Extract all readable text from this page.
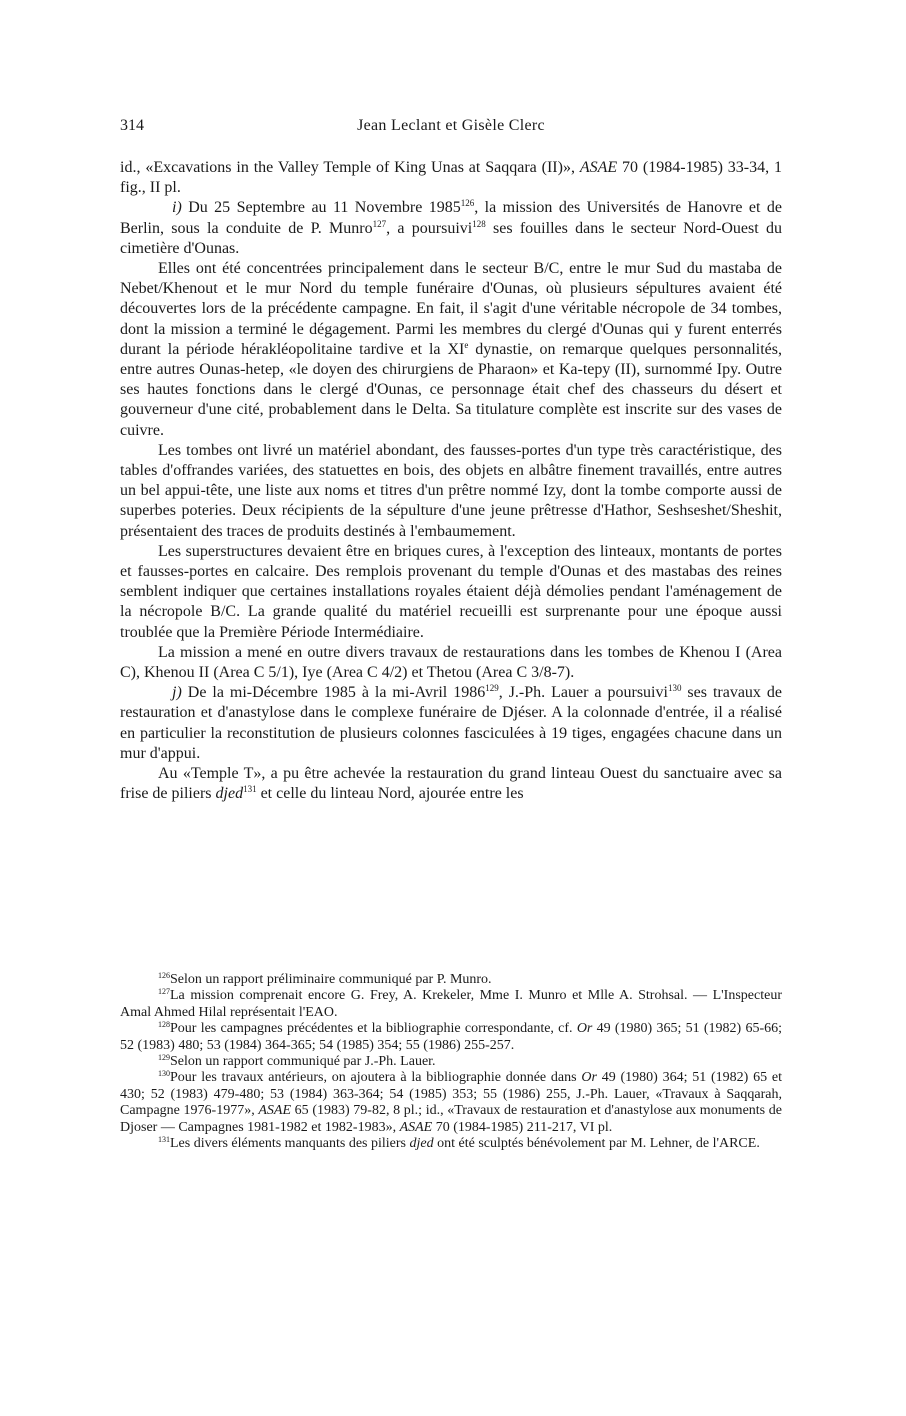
314	Jean Leclant et Gisèle Clerc

id., «Excavations in the Valley Temple of King Unas at Saqqara (II)», ASAE 70 (1984-1985) 33-34, 1 fig., II pl.

i) Du 25 Septembre au 11 Novembre 1985$^{126}$, la mission des Universités de Hanovre et de Berlin, sous la conduite de P. Munro$^{127}$, a poursuivi$^{128}$ ses fouilles dans le secteur Nord-Ouest du cimetière d'Ounas.

Elles ont été concentrées principalement dans le secteur B/C, entre le mur Sud du mastaba de Nebet/Khenout et le mur Nord du temple funéraire d'Ounas, où plusieurs sépultures avaient été découvertes lors de la précédente campagne. En fait, il s'agit d'une véritable nécropole de 34 tombes, dont la mission a terminé le dégagement. Parmi les membres du clergé d'Ounas qui y furent enterrés durant la période hérakléopolitaine tardive et la XIe dynastie, on remarque quelques personnalités, entre autres Ounas-hetep, «le doyen des chirurgiens de Pharaon» et Ka-tepy (II), surnommé Ipy. Outre ses hautes fonctions dans le clergé d'Ounas, ce personnage était chef des chasseurs du désert et gouverneur d'une cité, probablement dans le Delta. Sa titulature complète est inscrite sur des vases de cuivre.

Les tombes ont livré un matériel abondant, des fausses-portes d'un type très caractéristique, des tables d'offrandes variées, des statuettes en bois, des objets en albâtre finement travaillés, entre autres un bel appui-tête, une liste aux noms et titres d'un prêtre nommé Izy, dont la tombe comporte aussi de superbes poteries. Deux récipients de la sépulture d'une jeune prêtresse d'Hathor, Seshseshet/Sheshit, présentaient des traces de produits destinés à l'embaumement.

Les superstructures devaient être en briques cures, à l'exception des linteaux, montants de portes et fausses-portes en calcaire. Des remplois provenant du temple d'Ounas et des mastabas des reines semblent indiquer que certaines installations royales étaient déjà démolies pendant l'aménagement de la nécropole B/C. La grande qualité du matériel recueilli est surprenante pour une époque aussi troublée que la Première Période Intermédiaire.

La mission a mené en outre divers travaux de restaurations dans les tombes de Khenou I (Area C), Khenou II (Area C 5/1), Iye (Area C 4/2) et Thetou (Area C 3/8-7).

j) De la mi-Décembre 1985 à la mi-Avril 1986$^{129}$, J.-Ph. Lauer a poursuivi$^{130}$ ses travaux de restauration et d'anastylose dans le complexe funéraire de Djéser. A la colonnade d'entrée, il a réalisé en particulier la reconstitution de plusieurs colonnes fasciculées à 19 tiges, engagées chacune dans un mur d'appui.

Au «Temple T», a pu être achevée la restauration du grand linteau Ouest du sanctuaire avec sa frise de piliers djed$^{131}$ et celle du linteau Nord, ajourée entre les

$^{126}$Selon un rapport préliminaire communiqué par P. Munro.

$^{127}$La mission comprenait encore G. Frey, A. Krekeler, Mme I. Munro et Mlle A. Strohsal. — L'Inspecteur Amal Ahmed Hilal représentait l'EAO.

$^{128}$Pour les campagnes précédentes et la bibliographie correspondante, cf. Or 49 (1980) 365; 51 (1982) 65-66; 52 (1983) 480; 53 (1984) 364-365; 54 (1985) 354; 55 (1986) 255-257.

$^{129}$Selon un rapport communiqué par J.-Ph. Lauer.

$^{130}$Pour les travaux antérieurs, on ajoutera à la bibliographie donnée dans Or 49 (1980) 364; 51 (1982) 65 et 430; 52 (1983) 479-480; 53 (1984) 363-364; 54 (1985) 353; 55 (1986) 255, J.-Ph. Lauer, «Travaux à Saqqarah, Campagne 1976-1977», ASAE 65 (1983) 79-82, 8 pl.; id., «Travaux de restauration et d'anastylose aux monuments de Djoser — Campagnes 1981-1982 et 1982-1983», ASAE 70 (1984-1985) 211-217, VI pl.

$^{131}$Les divers éléments manquants des piliers djed ont été sculptés bénévolement par M. Lehner, de l'ARCE.
